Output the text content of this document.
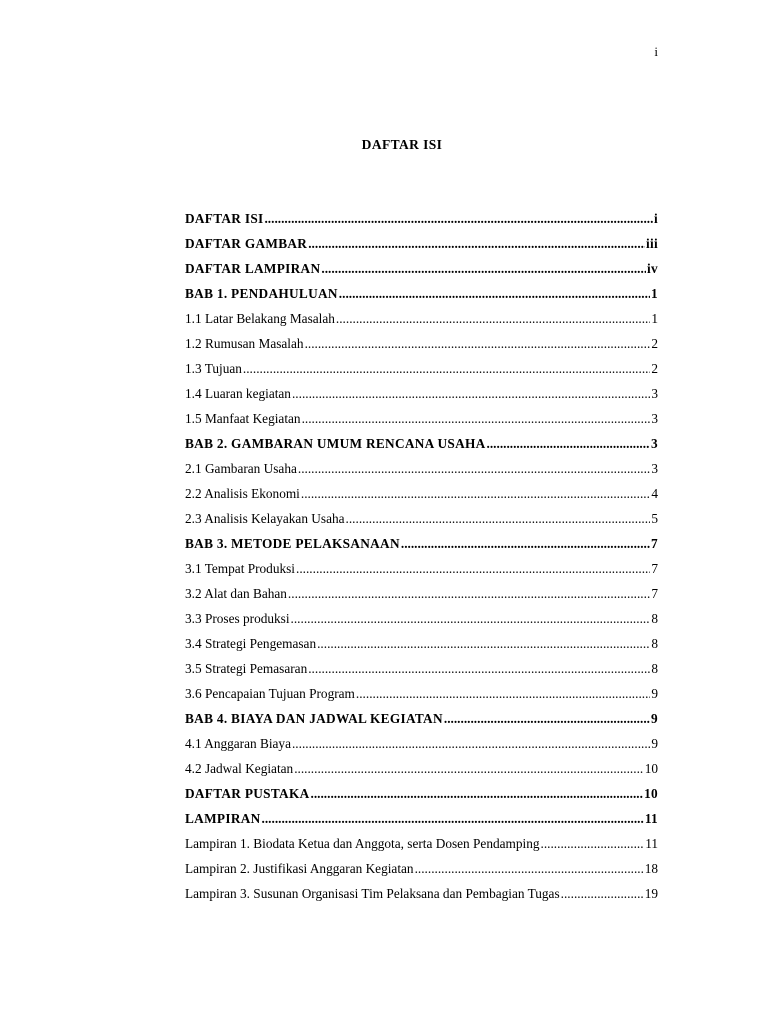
i
DAFTAR ISI
DAFTAR ISI .....	i
DAFTAR GAMBAR .....	iii
DAFTAR LAMPIRAN .....	iv
BAB 1. PENDAHULUAN .....	1
1.1 Latar Belakang Masalah .....	1
1.2 Rumusan Masalah .....	2
1.3 Tujuan .....	2
1.4 Luaran kegiatan .....	3
1.5 Manfaat Kegiatan .....	3
BAB 2. GAMBARAN UMUM RENCANA USAHA .....	3
2.1 Gambaran Usaha .....	3
2.2 Analisis Ekonomi .....	4
2.3 Analisis Kelayakan Usaha .....	5
BAB 3. METODE PELAKSANAAN .....	7
3.1 Tempat Produksi .....	7
3.2 Alat dan Bahan .....	7
3.3 Proses produksi .....	8
3.4 Strategi Pengemasan .....	8
3.5 Strategi Pemasaran .....	8
3.6 Pencapaian Tujuan Program .....	9
BAB 4. BIAYA DAN JADWAL KEGIATAN .....	9
4.1 Anggaran Biaya .....	9
4.2 Jadwal Kegiatan .....	10
DAFTAR PUSTAKA .....	10
LAMPIRAN .....	11
Lampiran 1. Biodata Ketua dan Anggota, serta Dosen Pendamping .....	11
Lampiran 2. Justifikasi Anggaran Kegiatan .....	18
Lampiran 3. Susunan Organisasi Tim Pelaksana dan Pembagian Tugas .....	19
